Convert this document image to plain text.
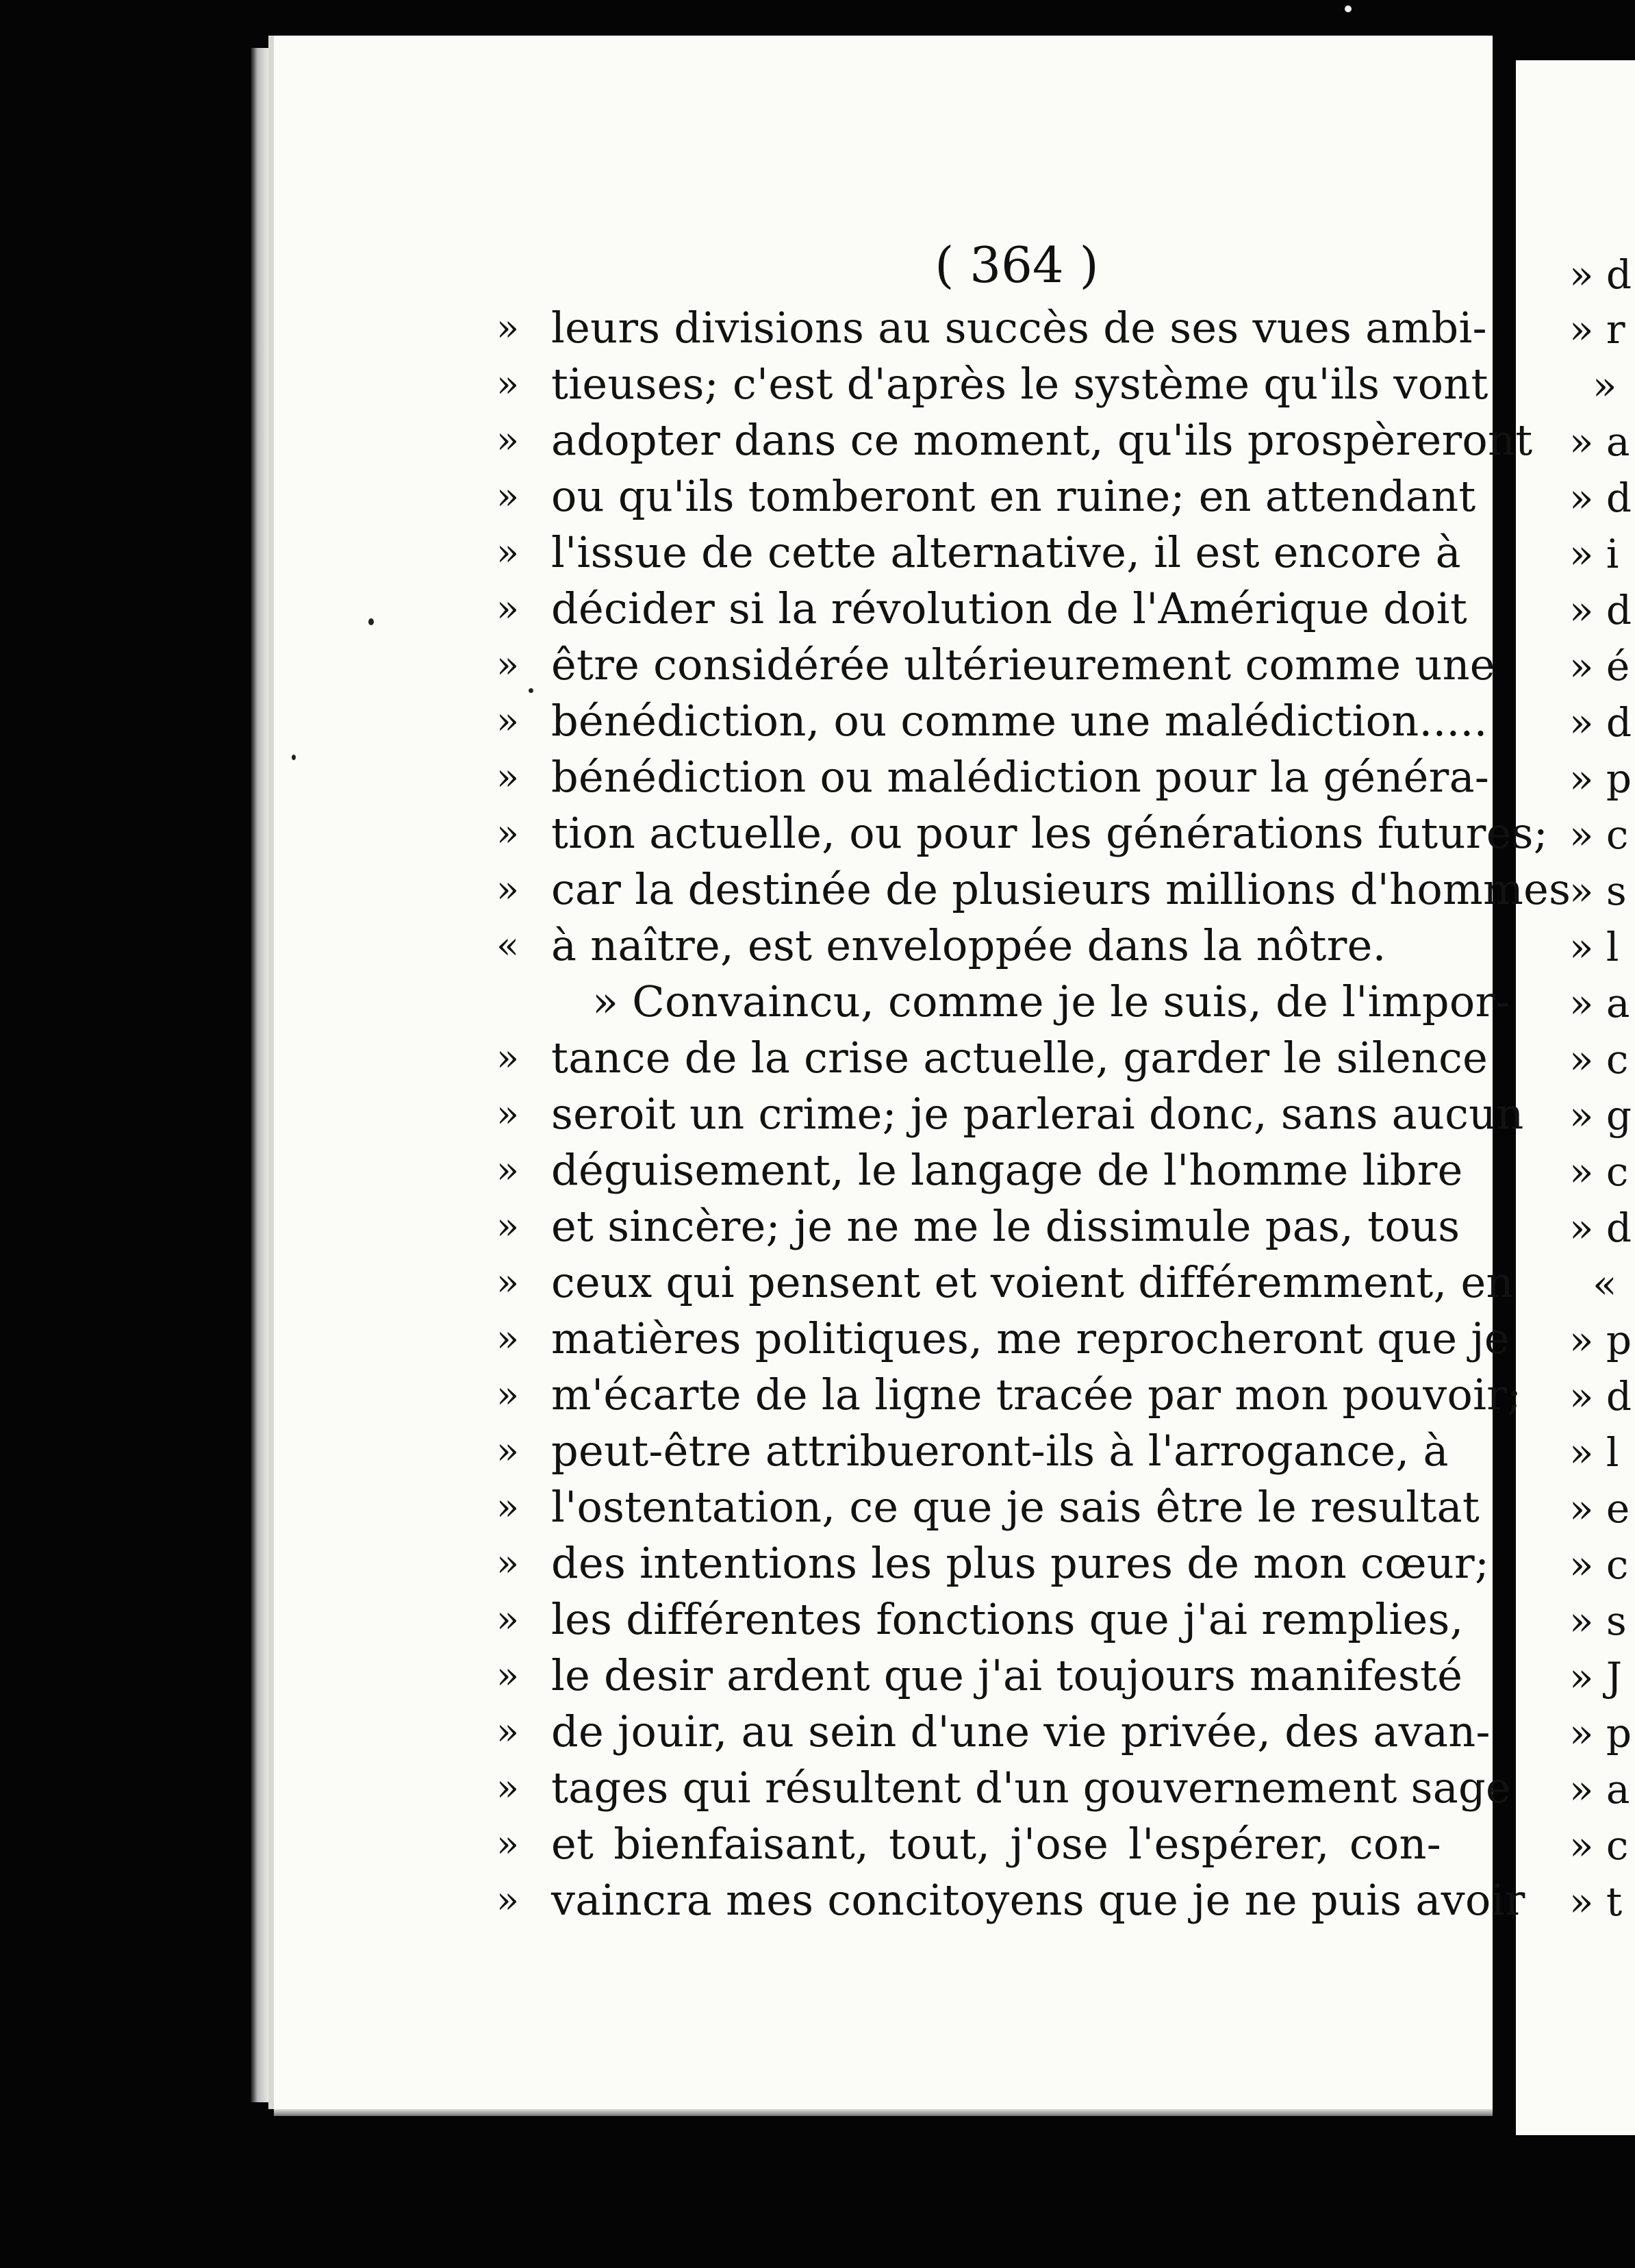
( 364 )
» leurs divisions au succès de ses vues ambi-
» tieuses; c'est d'après le système qu'ils vont
» adopter dans ce moment, qu'ils prospèreront
» ou qu'ils tomberont en ruine; en attendant
» l'issue de cette alternative, il est encore à
» décider si la révolution de l'Amérique doit
» être considérée ultérieurement comme une
» bénédiction, ou comme une malédiction.....
» bénédiction ou malédiction pour la généra-
» tion actuelle, ou pour les générations futures;
» car la destinée de plusieurs millions d'hommes
« à naître, est enveloppée dans la nôtre.
» Convaincu, comme je le suis, de l'impor-
» tance de la crise actuelle, garder le silence
» seroit un crime; je parlerai donc, sans aucun
» déguisement, le langage de l'homme libre
» et sincère; je ne me le dissimule pas, tous
» ceux qui pensent et voient différemment, en
» matières politiques, me reprocheront que je
» m'écarte de la ligne tracée par mon pouvoir;
» peut-être attribueront-ils à l'arrogance, à
» l'ostentation, ce que je sais être le resultat
» des intentions les plus pures de mon cœur;
» les différentes fonctions que j'ai remplies,
» le desir ardent que j'ai toujours manifesté
» de jouir, au sein d'une vie privée, des avan-
» tages qui résultent d'un gouvernement sage
» et bienfaisant, tout, j'ose l'espérer, con-
» vaincra mes concitoyens que je ne puis avoir
» d
» r
»
» a
» d
» i
» d
» é
» d
» p
» c
» s
» l
» a
» c
» g
» c
» d
«
» p
» d
» l
» e
» c
» s
» J
» p
» a
» c
» t
